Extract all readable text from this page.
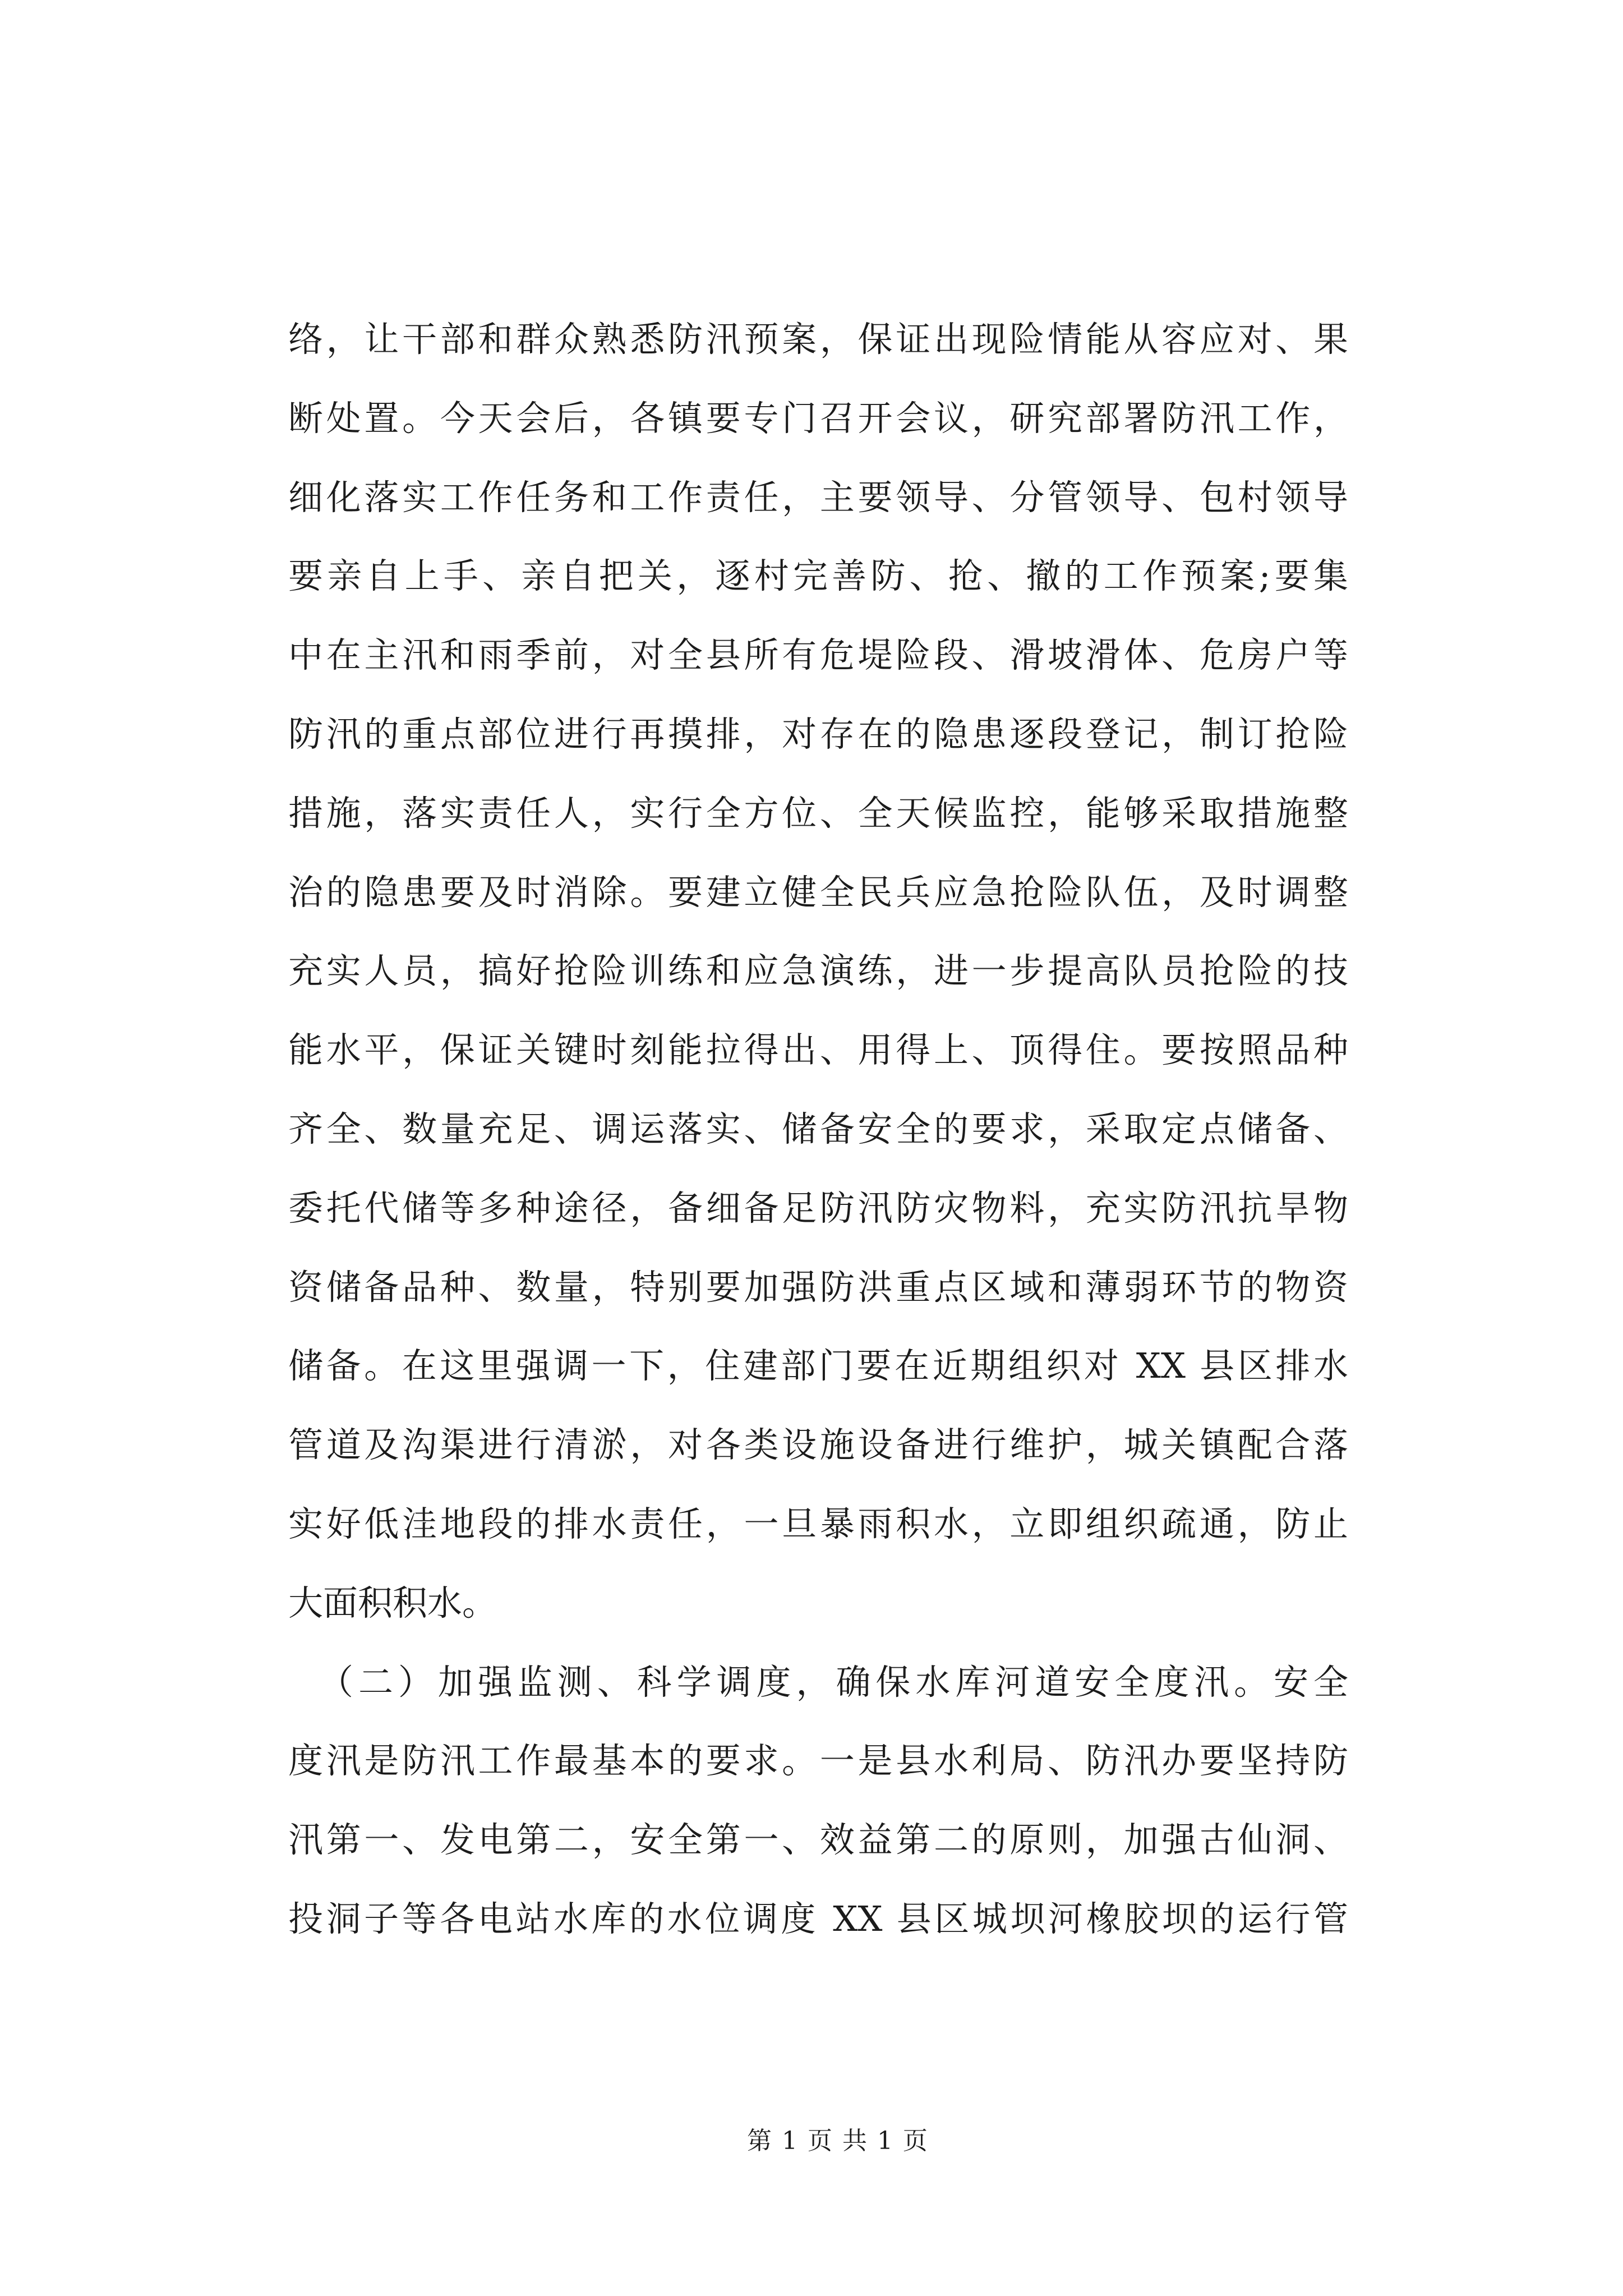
络，让干部和群众熟悉防汛预案，保证出现险情能从容应对、果
断处置。今天会后，各镇要专门召开会议，研究部署防汛工作，
细化落实工作任务和工作责任，主要领导、分管领导、包村领导
要亲自上手、亲自把关，逐村完善防、抢、撤的工作预案;要集
中在主汛和雨季前，对全县所有危堤险段、滑坡滑体、危房户等
防汛的重点部位进行再摸排，对存在的隐患逐段登记，制订抢险
措施，落实责任人，实行全方位、全天候监控，能够采取措施整
治的隐患要及时消除。要建立健全民兵应急抢险队伍，及时调整
充实人员，搞好抢险训练和应急演练，进一步提高队员抢险的技
能水平，保证关键时刻能拉得出、用得上、顶得住。要按照品种
齐全、数量充足、调运落实、储备安全的要求，采取定点储备、
委托代储等多种途径，备细备足防汛防灾物料，充实防汛抗旱物
资储备品种、数量，特别要加强防洪重点区域和薄弱环节的物资
储备。在这里强调一下，住建部门要在近期组织对 XX 县区排水
管道及沟渠进行清淤，对各类设施设备进行维护，城关镇配合落
实好低洼地段的排水责任，一旦暴雨积水，立即组织疏通，防止
大面积积水。
（二）加强监测、科学调度，确保水库河道安全度汛。安全
度汛是防汛工作最基本的要求。一是县水利局、防汛办要坚持防
汛第一、发电第二，安全第一、效益第二的原则，加强古仙洞、
投洞子等各电站水库的水位调度 XX 县区城坝河橡胶坝的运行管
第 1 页 共 1 页
